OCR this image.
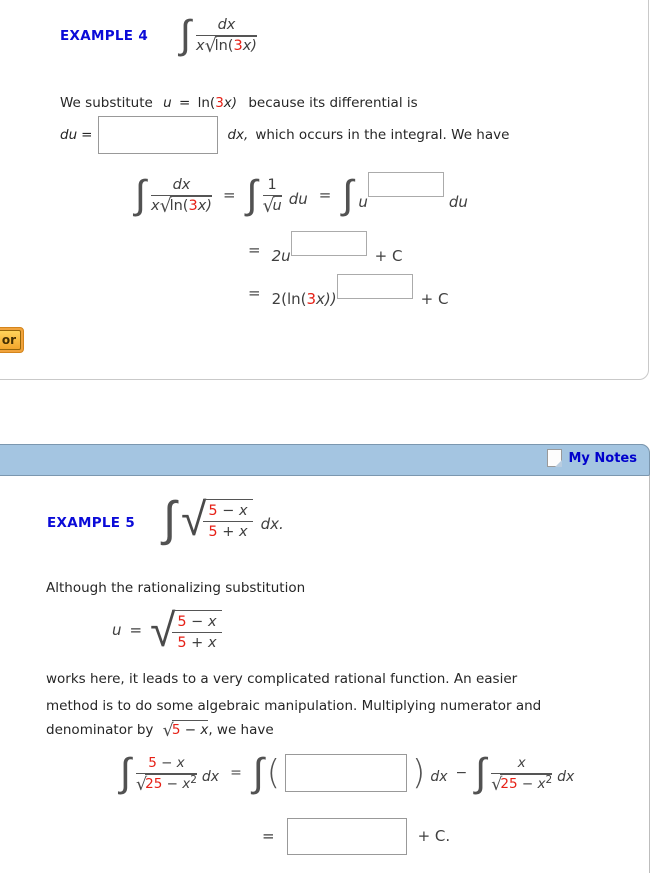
EXAMPLE 4 ∫ $\frac{dx}{x√\ln(3x)}$
We substitute u = ln(3x) because its differential is
du =	dx, which occurs in the integral. We have
∫ $\frac{dx}{x√\ln(3x)}$ = ∫ $\frac{1}{√u}$ du = ∫ u	du
= 2u	+ C
= 2(ln(3x))	+ C
or
My Notes
EXAMPLE 5 ∫ √
$\frac{5 - x}{5 + x}$ dx.
Although the rationalizing substitution
u = √
$\frac{5 - x}{5 + x}$
works here, it leads to a very complicated rational function. An easier
method is to do some algebraic manipulation. Multiplying numerator and
denominator by √5 − x, we have
∫ $\frac{5 - x}{√25 - x^2}$ dx = ∫ (	) dx − ∫ $\frac{x}{√25 - x^2}$ dx
=	+ C.
